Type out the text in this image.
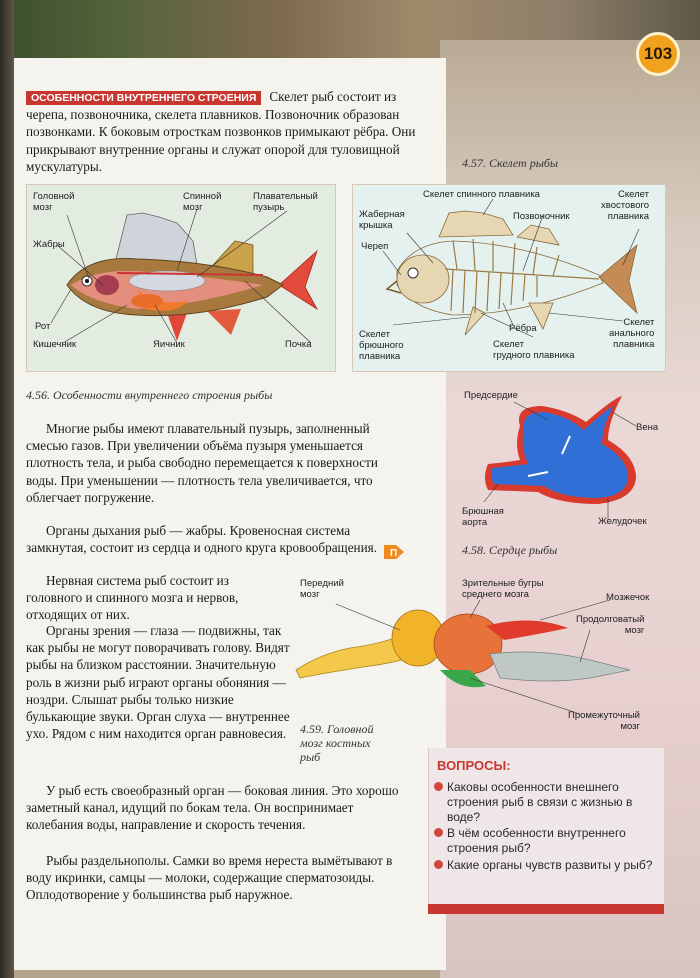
103
ОСОБЕННОСТИ ВНУТРЕННЕГО СТРОЕНИЯ Скелет рыб состоит из черепа, позвоночника, скелета плавников. Позвоночник образован позвонками. К боковым отросткам позвонков примыкают рёбра. Они прикрывают внутренние органы и служат опорой для туловищной мускулатуры.
Головной
мозг
Спинной
мозг
Плавательный
пузырь
Жабры
Рот
Кишечник	Яичник	Почка
4.56. Особенности внутреннего строения рыбы
4.57. Скелет рыбы
Скелет спинного плавника	Скелет
хвостового
плавника
Жаберная
крышка
Позвоночник
Череп
Рёбра
Скелет
брюшного
плавника
Скелет
грудного плавника
Скелет
анального
плавника
Предсердие
Вена
Брюшная
аорта	Желудочек
4.58. Сердце рыбы
Передний
мозг
Зрительные бугры
среднего мозга	Мозжечок
Продолговатый
мозг
Промежуточный
мозг
4.59. Головной
мозг костных
рыб
Многие рыбы имеют плавательный пузырь, заполненный смесью газов. При увеличении объёма пузыря уменьшается плотность тела, и рыба свободно перемещается к поверхности воды. При уменьшении — плотность тела увеличивается, что облегчает погружение.
Органы дыхания рыб — жабры. Кровеносная система замкнутая, состоит из сердца и одного круга кровообращения. П
Нервная система рыб состоит из головного и спинного мозга и нервов, отходящих от них.
Органы зрения — глаза — подвижны, так как рыбы не могут поворачивать голову. Видят рыбы на близком расстоянии. Значительную роль в жизни рыб играют органы обоняния — ноздри. Слышат рыбы только низкие булькающие звуки. Орган слуха — внутреннее ухо. Рядом с ним находится орган равновесия.
У рыб есть своеобразный орган — боковая линия. Это хорошо заметный канал, идущий по бокам тела. Он воспринимает колебания воды, направление и скорость течения.
Рыбы раздельнополы. Самки во время нереста вымётывают в воду икринки, самцы — молоки, содержащие сперматозоиды. Оплодотворение у большинства рыб наружное.
ВОПРОСЫ:
Каковы особенности внешнего строения рыб в связи с жизнью в воде?
В чём особенности внутреннего строения рыб?
Какие органы чувств развиты у рыб?
